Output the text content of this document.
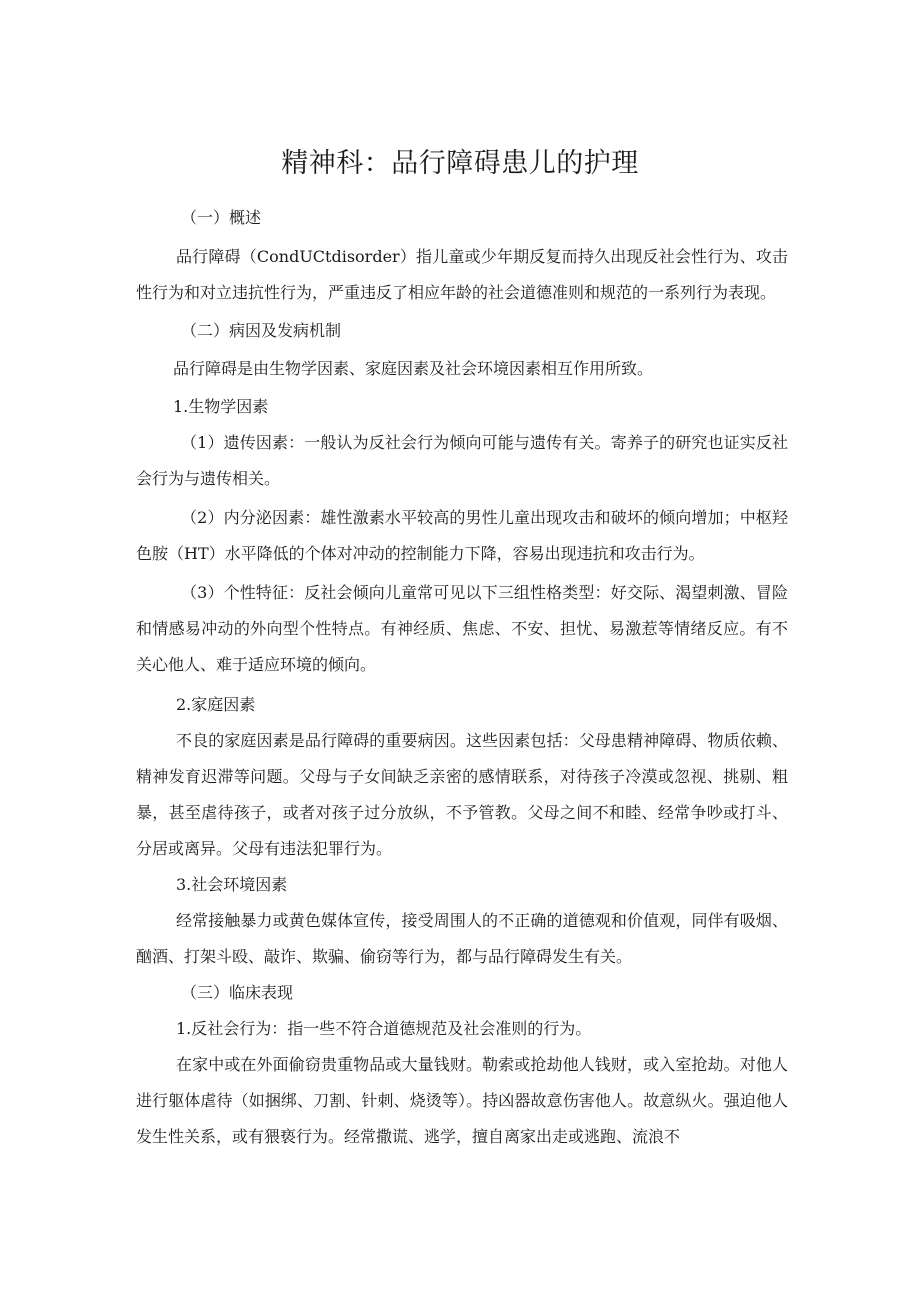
精神科：品行障碍患儿的护理

（一）概述

品行障碍（CondUCtdisorder）指儿童或少年期反复而持久出现反社会性行为、攻击性行为和对立违抗性行为，严重违反了相应年龄的社会道德准则和规范的一系列行为表现。

（二）病因及发病机制

品行障碍是由生物学因素、家庭因素及社会环境因素相互作用所致。

1.生物学因素

（1）遗传因素：一般认为反社会行为倾向可能与遗传有关。寄养子的研究也证实反社会行为与遗传相关。

（2）内分泌因素：雄性激素水平较高的男性儿童出现攻击和破坏的倾向增加；中枢羟色胺（HT）水平降低的个体对冲动的控制能力下降，容易出现违抗和攻击行为。

（3）个性特征：反社会倾向儿童常可见以下三组性格类型：好交际、渴望刺激、冒险和情感易冲动的外向型个性特点。有神经质、焦虑、不安、担忧、易激惹等情绪反应。有不关心他人、难于适应环境的倾向。

2.家庭因素

不良的家庭因素是品行障碍的重要病因。这些因素包括：父母患精神障碍、物质依赖、精神发育迟滞等问题。父母与子女间缺乏亲密的感情联系，对待孩子冷漠或忽视、挑剔、粗暴，甚至虐待孩子，或者对孩子过分放纵，不予管教。父母之间不和睦、经常争吵或打斗、分居或离异。父母有违法犯罪行为。

3.社会环境因素

经常接触暴力或黄色媒体宣传，接受周围人的不正确的道德观和价值观，同伴有吸烟、酗酒、打架斗殴、敲诈、欺骗、偷窃等行为，都与品行障碍发生有关。

（三）临床表现

1.反社会行为：指一些不符合道德规范及社会准则的行为。

在家中或在外面偷窃贵重物品或大量钱财。勒索或抢劫他人钱财，或入室抢劫。对他人进行躯体虐待（如捆绑、刀割、针刺、烧烫等）。持凶器故意伤害他人。故意纵火。强迫他人发生性关系，或有猥亵行为。经常撒谎、逃学，擅自离家出走或逃跑、流浪不
